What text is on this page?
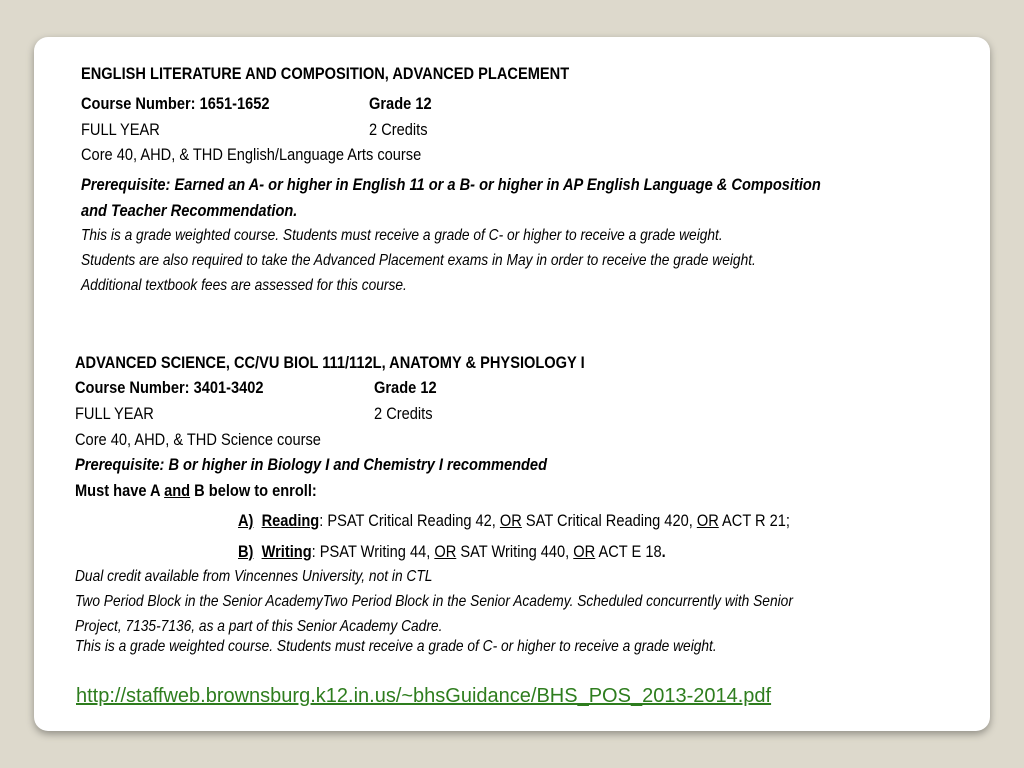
ENGLISH LITERATURE AND COMPOSITION, ADVANCED PLACEMENT
Course Number: 1651-1652	Grade 12
FULL YEAR	2 Credits
Core 40, AHD, & THD English/Language Arts course
Prerequisite: Earned an A- or higher in English 11 or a B- or higher in AP English Language & Composition
and Teacher Recommendation.
This is a grade weighted course. Students must receive a grade of C- or higher to receive a grade weight.
Students are also required to take the Advanced Placement exams in May in order to receive the grade weight.
Additional textbook fees are assessed for this course.
ADVANCED SCIENCE, CC/VU BIOL 111/112L, ANATOMY & PHYSIOLOGY I
Course Number: 3401-3402	Grade 12
FULL YEAR	2 Credits
Core 40, AHD, & THD Science course
Prerequisite: B or higher in Biology I and Chemistry I recommended
Must have A and B below to enroll:
A) Reading: PSAT Critical Reading 42, OR SAT Critical Reading 420, OR ACT R 21;
B) Writing: PSAT Writing 44, OR SAT Writing 440, OR ACT E 18.
Dual credit available from Vincennes University, not in CTL
Two Period Block in the Senior AcademyTwo Period Block in the Senior Academy. Scheduled concurrently with Senior
Project, 7135-7136, as a part of this Senior Academy Cadre.
This is a grade weighted course. Students must receive a grade of C- or higher to receive a grade weight.
http://staffweb.brownsburg.k12.in.us/~bhsGuidance/BHS_POS_2013-2014.pdf
